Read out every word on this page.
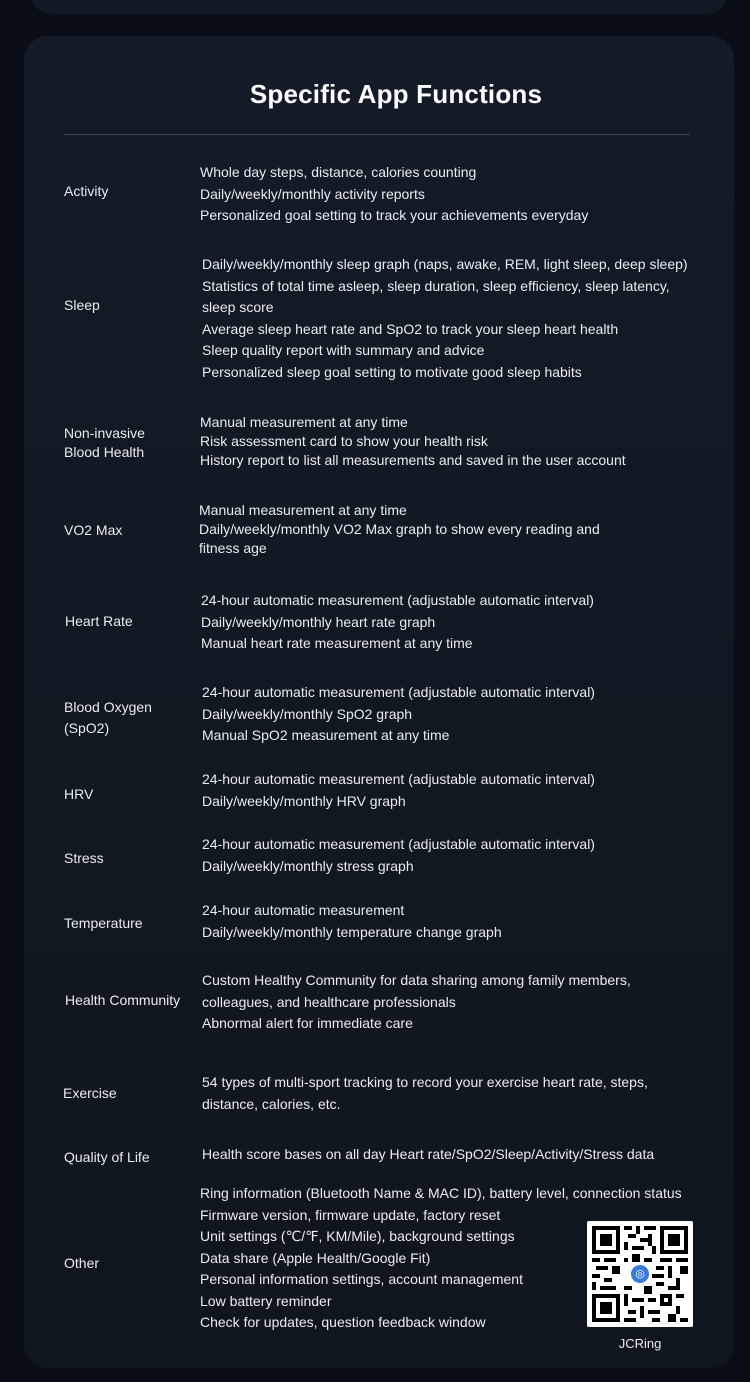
Specific App Functions
Activity
Whole day steps, distance, calories counting
Daily/weekly/monthly activity reports
Personalized goal setting to track your achievements everyday
Sleep
Daily/weekly/monthly sleep graph (naps, awake, REM, light sleep, deep sleep)
Statistics of total time asleep, sleep duration, sleep efficiency, sleep latency,
sleep score
Average sleep heart rate and SpO2 to track your sleep heart health
Sleep quality report with summary and advice
Personalized sleep goal setting to motivate good sleep habits
Non-invasive
Blood Health
Manual measurement at any time
Risk assessment card to show your health risk
History report to list all measurements and saved in the user account
VO2 Max
Manual measurement at any time
Daily/weekly/monthly VO2 Max graph to show every reading and
fitness age
Heart Rate
24-hour automatic measurement (adjustable automatic interval)
Daily/weekly/monthly heart rate graph
Manual heart rate measurement at any time
Blood Oxygen
(SpO2)
24-hour automatic measurement (adjustable automatic interval)
Daily/weekly/monthly SpO2 graph
Manual SpO2 measurement at any time
HRV
24-hour automatic measurement (adjustable automatic interval)
Daily/weekly/monthly HRV graph
Stress
24-hour automatic measurement (adjustable automatic interval)
Daily/weekly/monthly stress graph
Temperature
24-hour automatic measurement
Daily/weekly/monthly temperature change graph
Health Community
Custom Healthy Community for data sharing among family members,
colleagues, and healthcare professionals
Abnormal alert for immediate care
Exercise
54 types of multi-sport tracking to record your exercise heart rate, steps,
distance, calories, etc.
Quality of Life	Health score bases on all day Heart rate/SpO2/Sleep/Activity/Stress data
Other
Ring information (Bluetooth Name & MAC ID), battery level, connection status
Firmware version, firmware update, factory reset
Unit settings (℃/℉, KM/Mile), background settings
Data share (Apple Health/Google Fit)
Personal information settings, account management
Low battery reminder
Check for updates, question feedback window
◎
JCRing
